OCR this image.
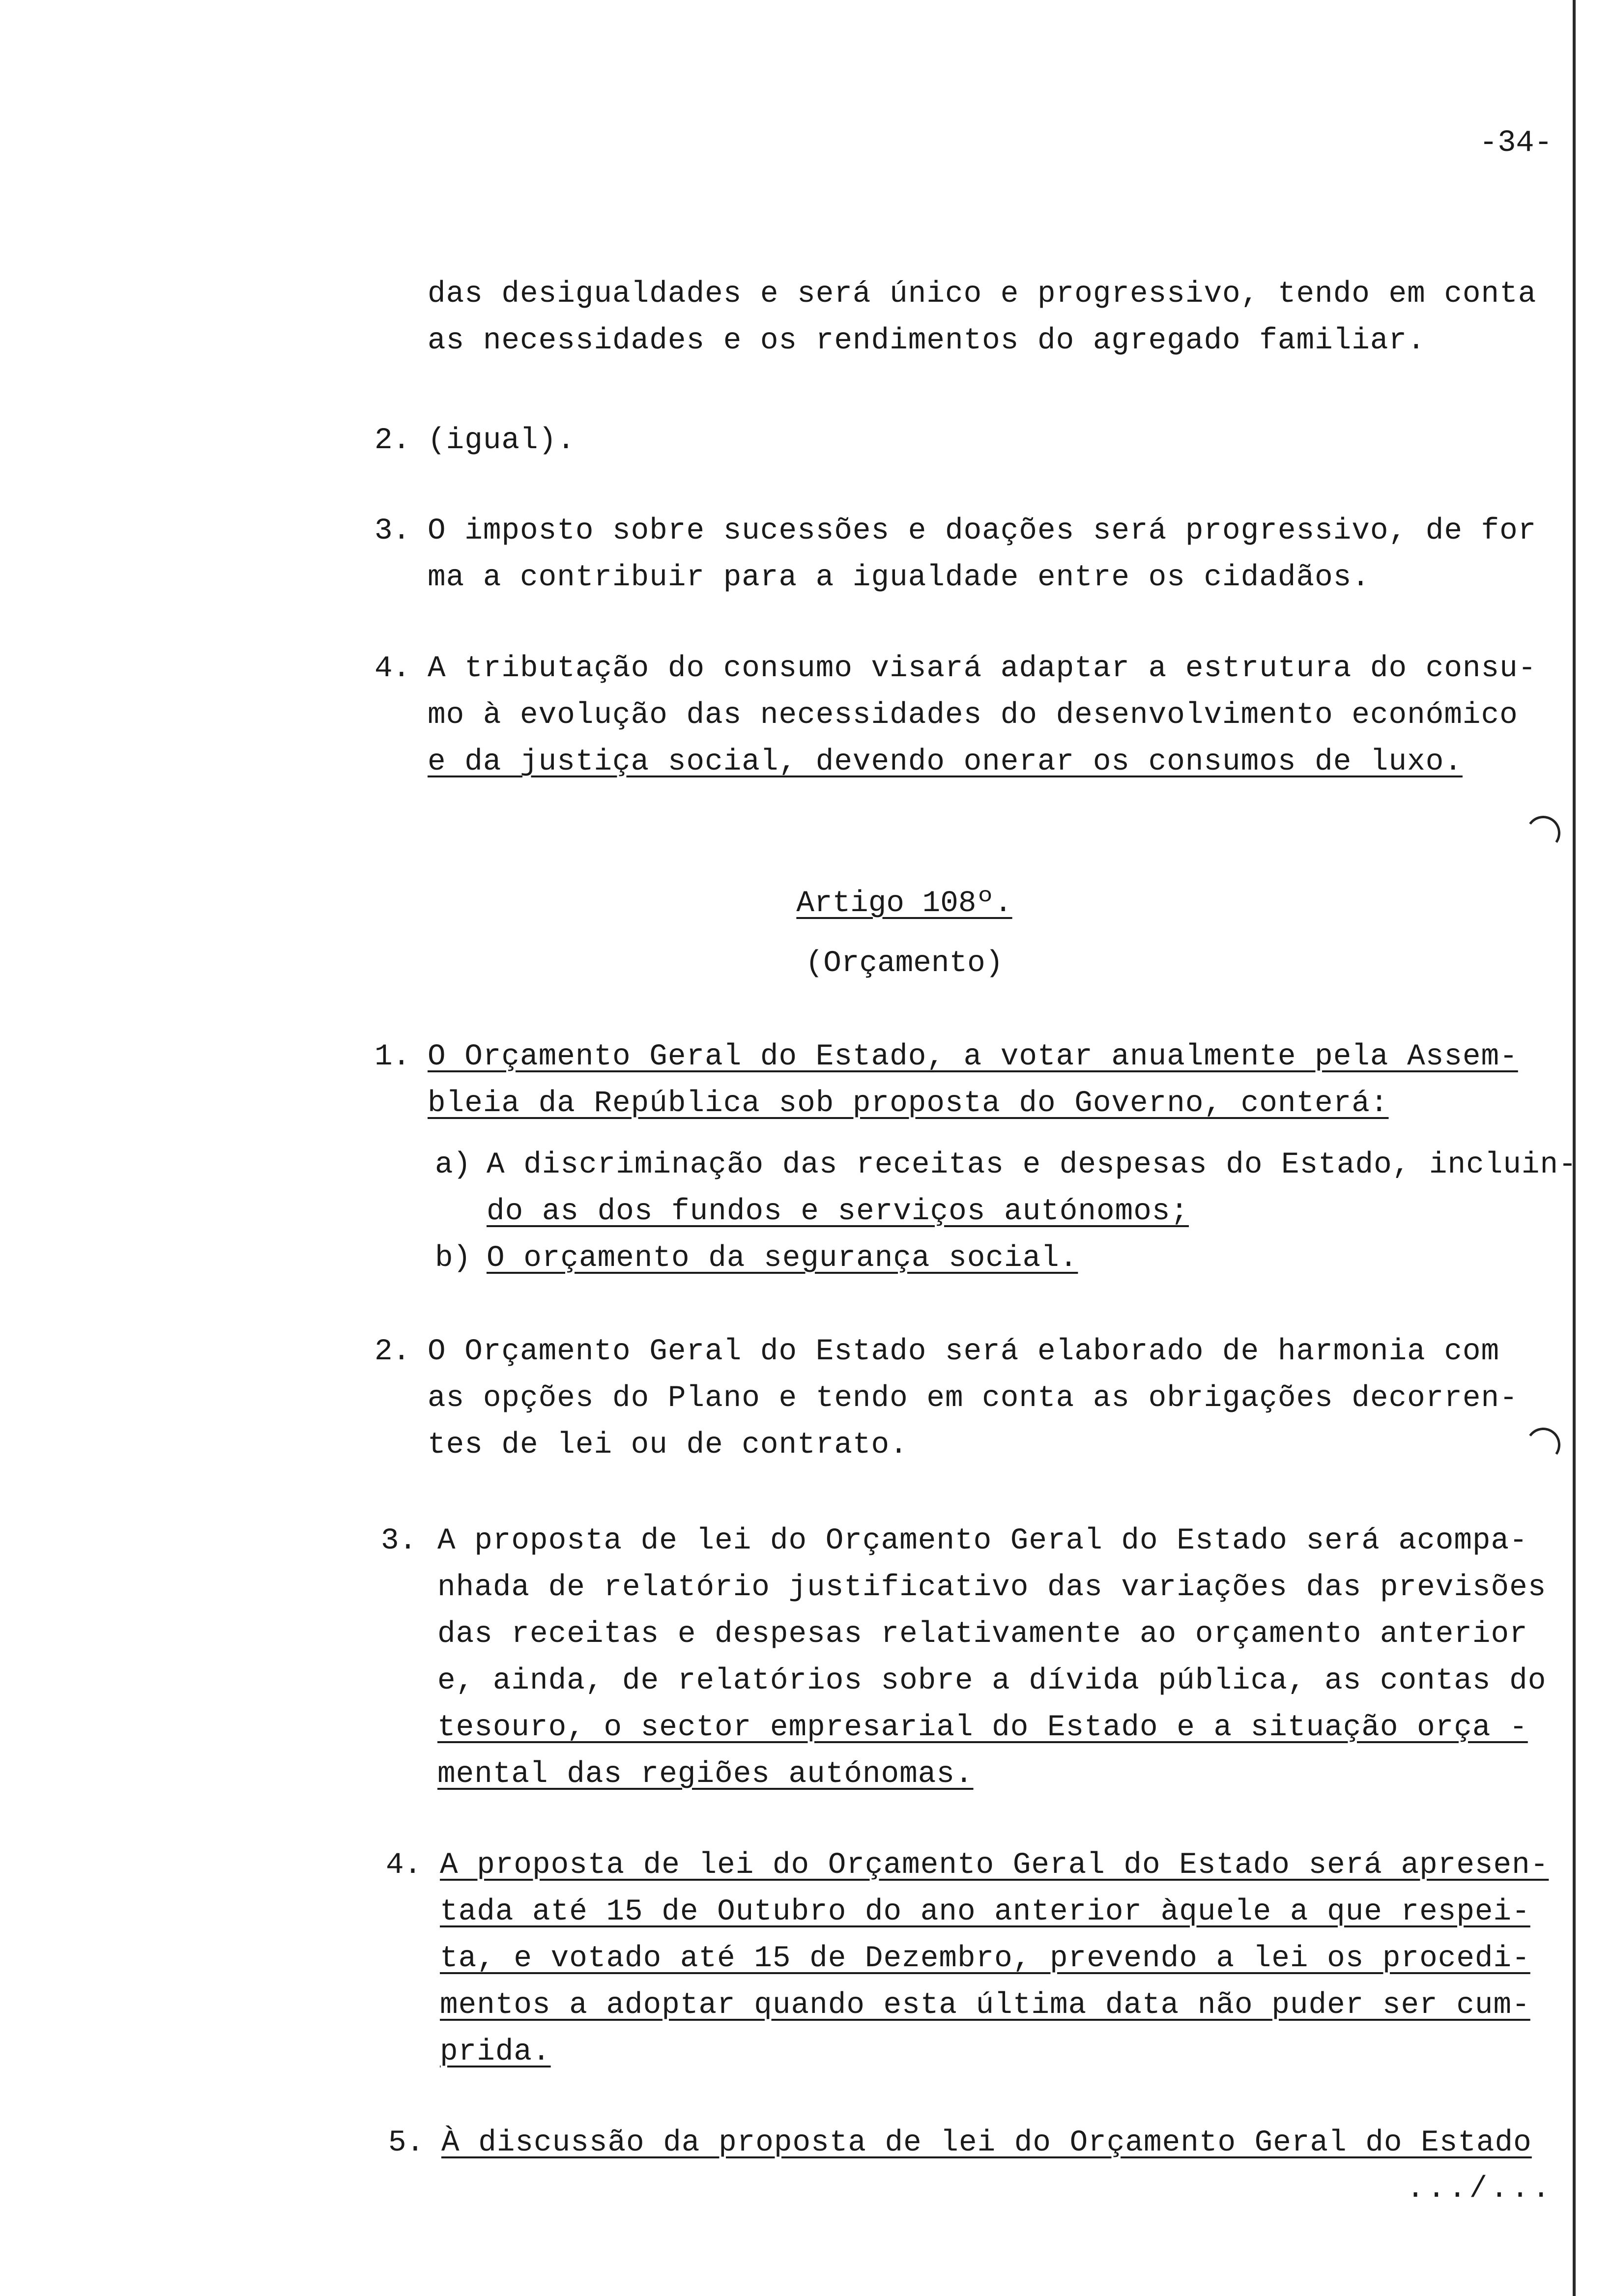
-34-
das desigualdades e será único e progressivo, tendo em conta
as necessidades e os rendimentos do agregado familiar.
2. (igual).
3. O imposto sobre sucessões e doações será progressivo, de for
ma a contribuir para a igualdade entre os cidadãos.
4. A tributação do consumo visará adaptar a estrutura do consu-
mo à evolução das necessidades do desenvolvimento económico
e da justiça social, devendo onerar os consumos de luxo.
Artigo 108º.
(Orçamento)
1. O Orçamento Geral do Estado, a votar anualmente pela Assem-
bleia da República sob proposta do Governo, conterá:
a) A discriminação das receitas e despesas do Estado, incluin-
do as dos fundos e serviços autónomos;
b) O orçamento da segurança social.
2. O Orçamento Geral do Estado será elaborado de harmonia com
as opções do Plano e tendo em conta as obrigações decorren-
tes de lei ou de contrato.
3. A proposta de lei do Orçamento Geral do Estado será acompa-
nhada de relatório justificativo das variações das previsões
das receitas e despesas relativamente ao orçamento anterior
e, ainda, de relatórios sobre a dívida pública, as contas do
tesouro, o sector empresarial do Estado e a situação orça -
mental das regiões autónomas.
4. A proposta de lei do Orçamento Geral do Estado será apresen-
tada até 15 de Outubro do ano anterior àquele a que respei-
ta, e votado até 15 de Dezembro, prevendo a lei os procedi-
mentos a adoptar quando esta última data não puder ser cum-
prida.
5. À discussão da proposta de lei do Orçamento Geral do Estado
.../...
